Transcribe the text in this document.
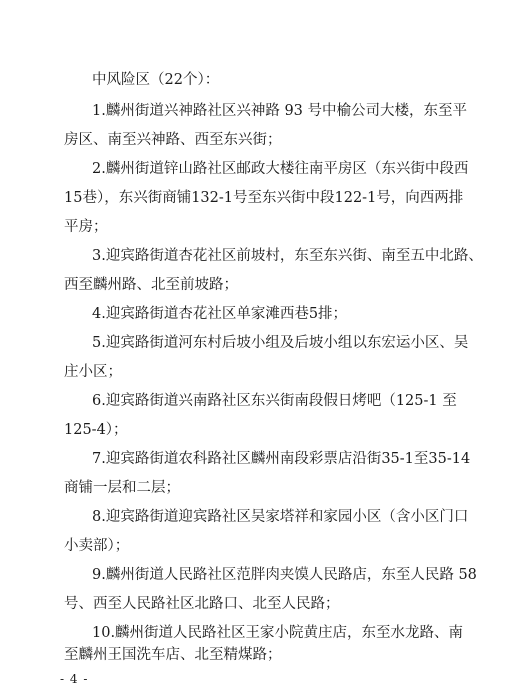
中风险区（22个）：
1.麟州街道兴神路社区兴神路 93 号中榆公司大楼，东至平
房区、南至兴神路、西至东兴街；
2.麟州街道锌山路社区邮政大楼往南平房区（东兴街中段西
15巷），东兴街商铺132-1号至东兴街中段122-1号，向西两排
平房；
3.迎宾路街道杏花社区前坡村，东至东兴街、南至五中北路、
西至麟州路、北至前坡路；
4.迎宾路街道杏花社区单家滩西巷5排；
5.迎宾路街道河东村后坡小组及后坡小组以东宏运小区、吴
庄小区；
6.迎宾路街道兴南路社区东兴街南段假日烤吧（125-1 至
125-4）；
7.迎宾路街道农科路社区麟州南段彩票店沿街35-1至35-14
商铺一层和二层；
8.迎宾路街道迎宾路社区吴家塔祥和家园小区（含小区门口
小卖部）；
9.麟州街道人民路社区范胖肉夹馍人民路店，东至人民路 58
号、西至人民路社区北路口、北至人民路；
- 4 -
10.麟州街道人民路社区王家小院黄庄店，东至水龙路、南
至麟州王国洗车店、北至精煤路；
